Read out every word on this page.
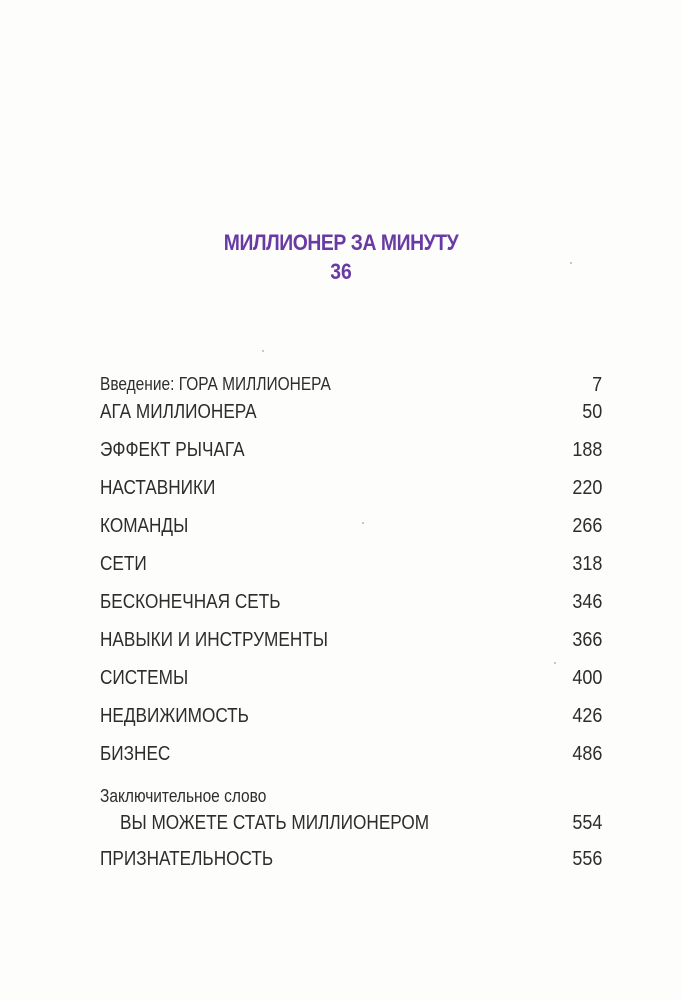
МИЛЛИОНЕР ЗА МИНУТУ
36
Введение: ГОРА МИЛЛИОНЕРА	7
АГА МИЛЛИОНЕРА	50
ЭФФЕКТ РЫЧАГА	188
НАСТАВНИКИ	220
КОМАНДЫ	266
СЕТИ	318
БЕСКОНЕЧНАЯ СЕТЬ	346
НАВЫКИ И ИНСТРУМЕНТЫ	366
СИСТЕМЫ	400
НЕДВИЖИМОСТЬ	426
БИЗНЕС	486
Заключительное слово
ВЫ МОЖЕТЕ СТАТЬ МИЛЛИОНЕРОМ	554
ПРИЗНАТЕЛЬНОСТЬ	556
